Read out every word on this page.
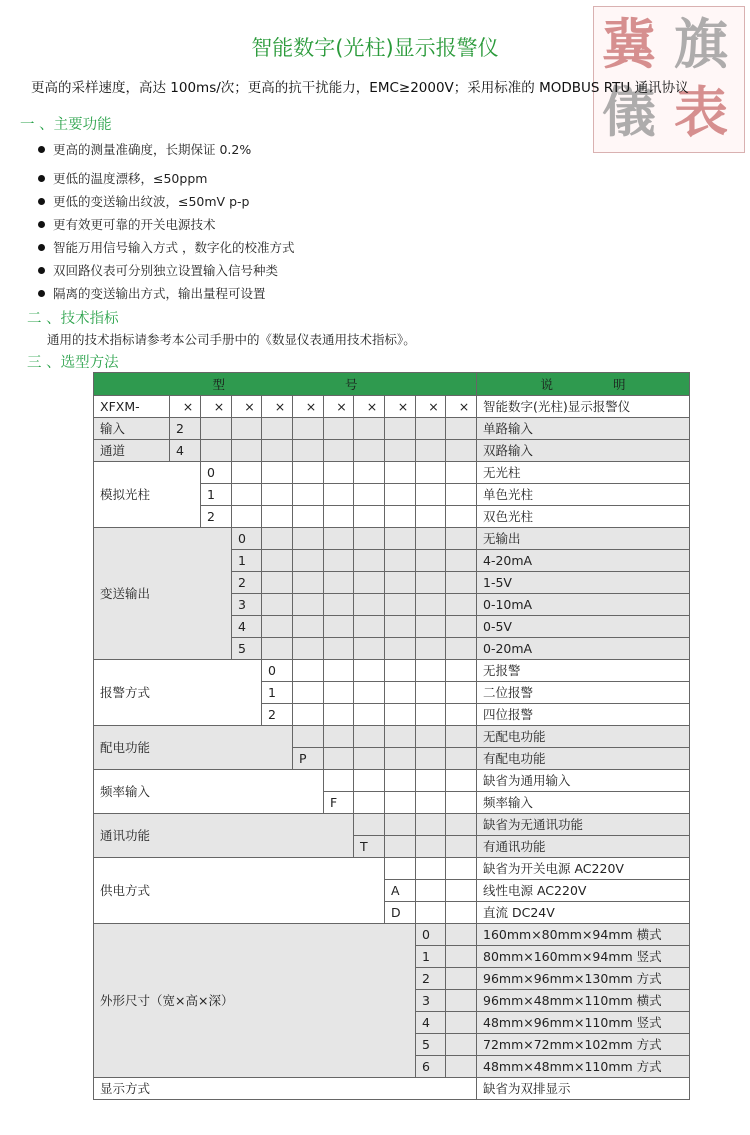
冀 旗
儀 表
智能数字(光柱)显示报警仪
更高的采样速度，高达 100ms/次；更高的抗干扰能力，EMC≥2000V；采用标准的 MODBUS RTU 通讯协议
一 、主要功能
更高的测量准确度，长期保证 0.2%
更低的温度漂移，≤50ppm
更低的变送输出纹波，≤50mV p-p
更有效更可靠的开关电源技术
智能万用信号输入方式 ，数字化的校准方式
双回路仪表可分别独立设置输入信号种类
隔离的变送输出方式，输出量程可设置
二 、技术指标
通用的技术指标请参考本公司手册中的《数显仪表通用技术指标》。
三 、选型方法
型 号											说 明
XFXM-	×	×	×	×	×	×	×	×	×	×	智能数字(光柱)显示报警仪
输入	2										单路输入
通道	4										双路输入
模拟光柱		0									无光柱
		1									单色光柱
		2									双色光柱
变送输出			0								无输出
			1								4-20mA
			2								1-5V
			3								0-10mA
			4								0-5V
			5								0-20mA
报警方式				0							无报警
				1							二位报警
				2							四位报警
配电功能											无配电功能
					P						有配电功能
频率输入											缺省为通用输入
						F					频率输入
通讯功能											缺省为无通讯功能
							T				有通讯功能
供电方式											缺省为开关电源 AC220V
								A			线性电源 AC220V
								D			直流 DC24V
外形尺寸（宽×高×深）									0		160mm×80mm×94mm 横式
									1		80mm×160mm×94mm 竖式
									2		96mm×96mm×130mm 方式
									3		96mm×48mm×110mm 横式
									4		48mm×96mm×110mm 竖式
									5		72mm×72mm×102mm 方式
									6		48mm×48mm×110mm 方式
显示方式											缺省为双排显示
